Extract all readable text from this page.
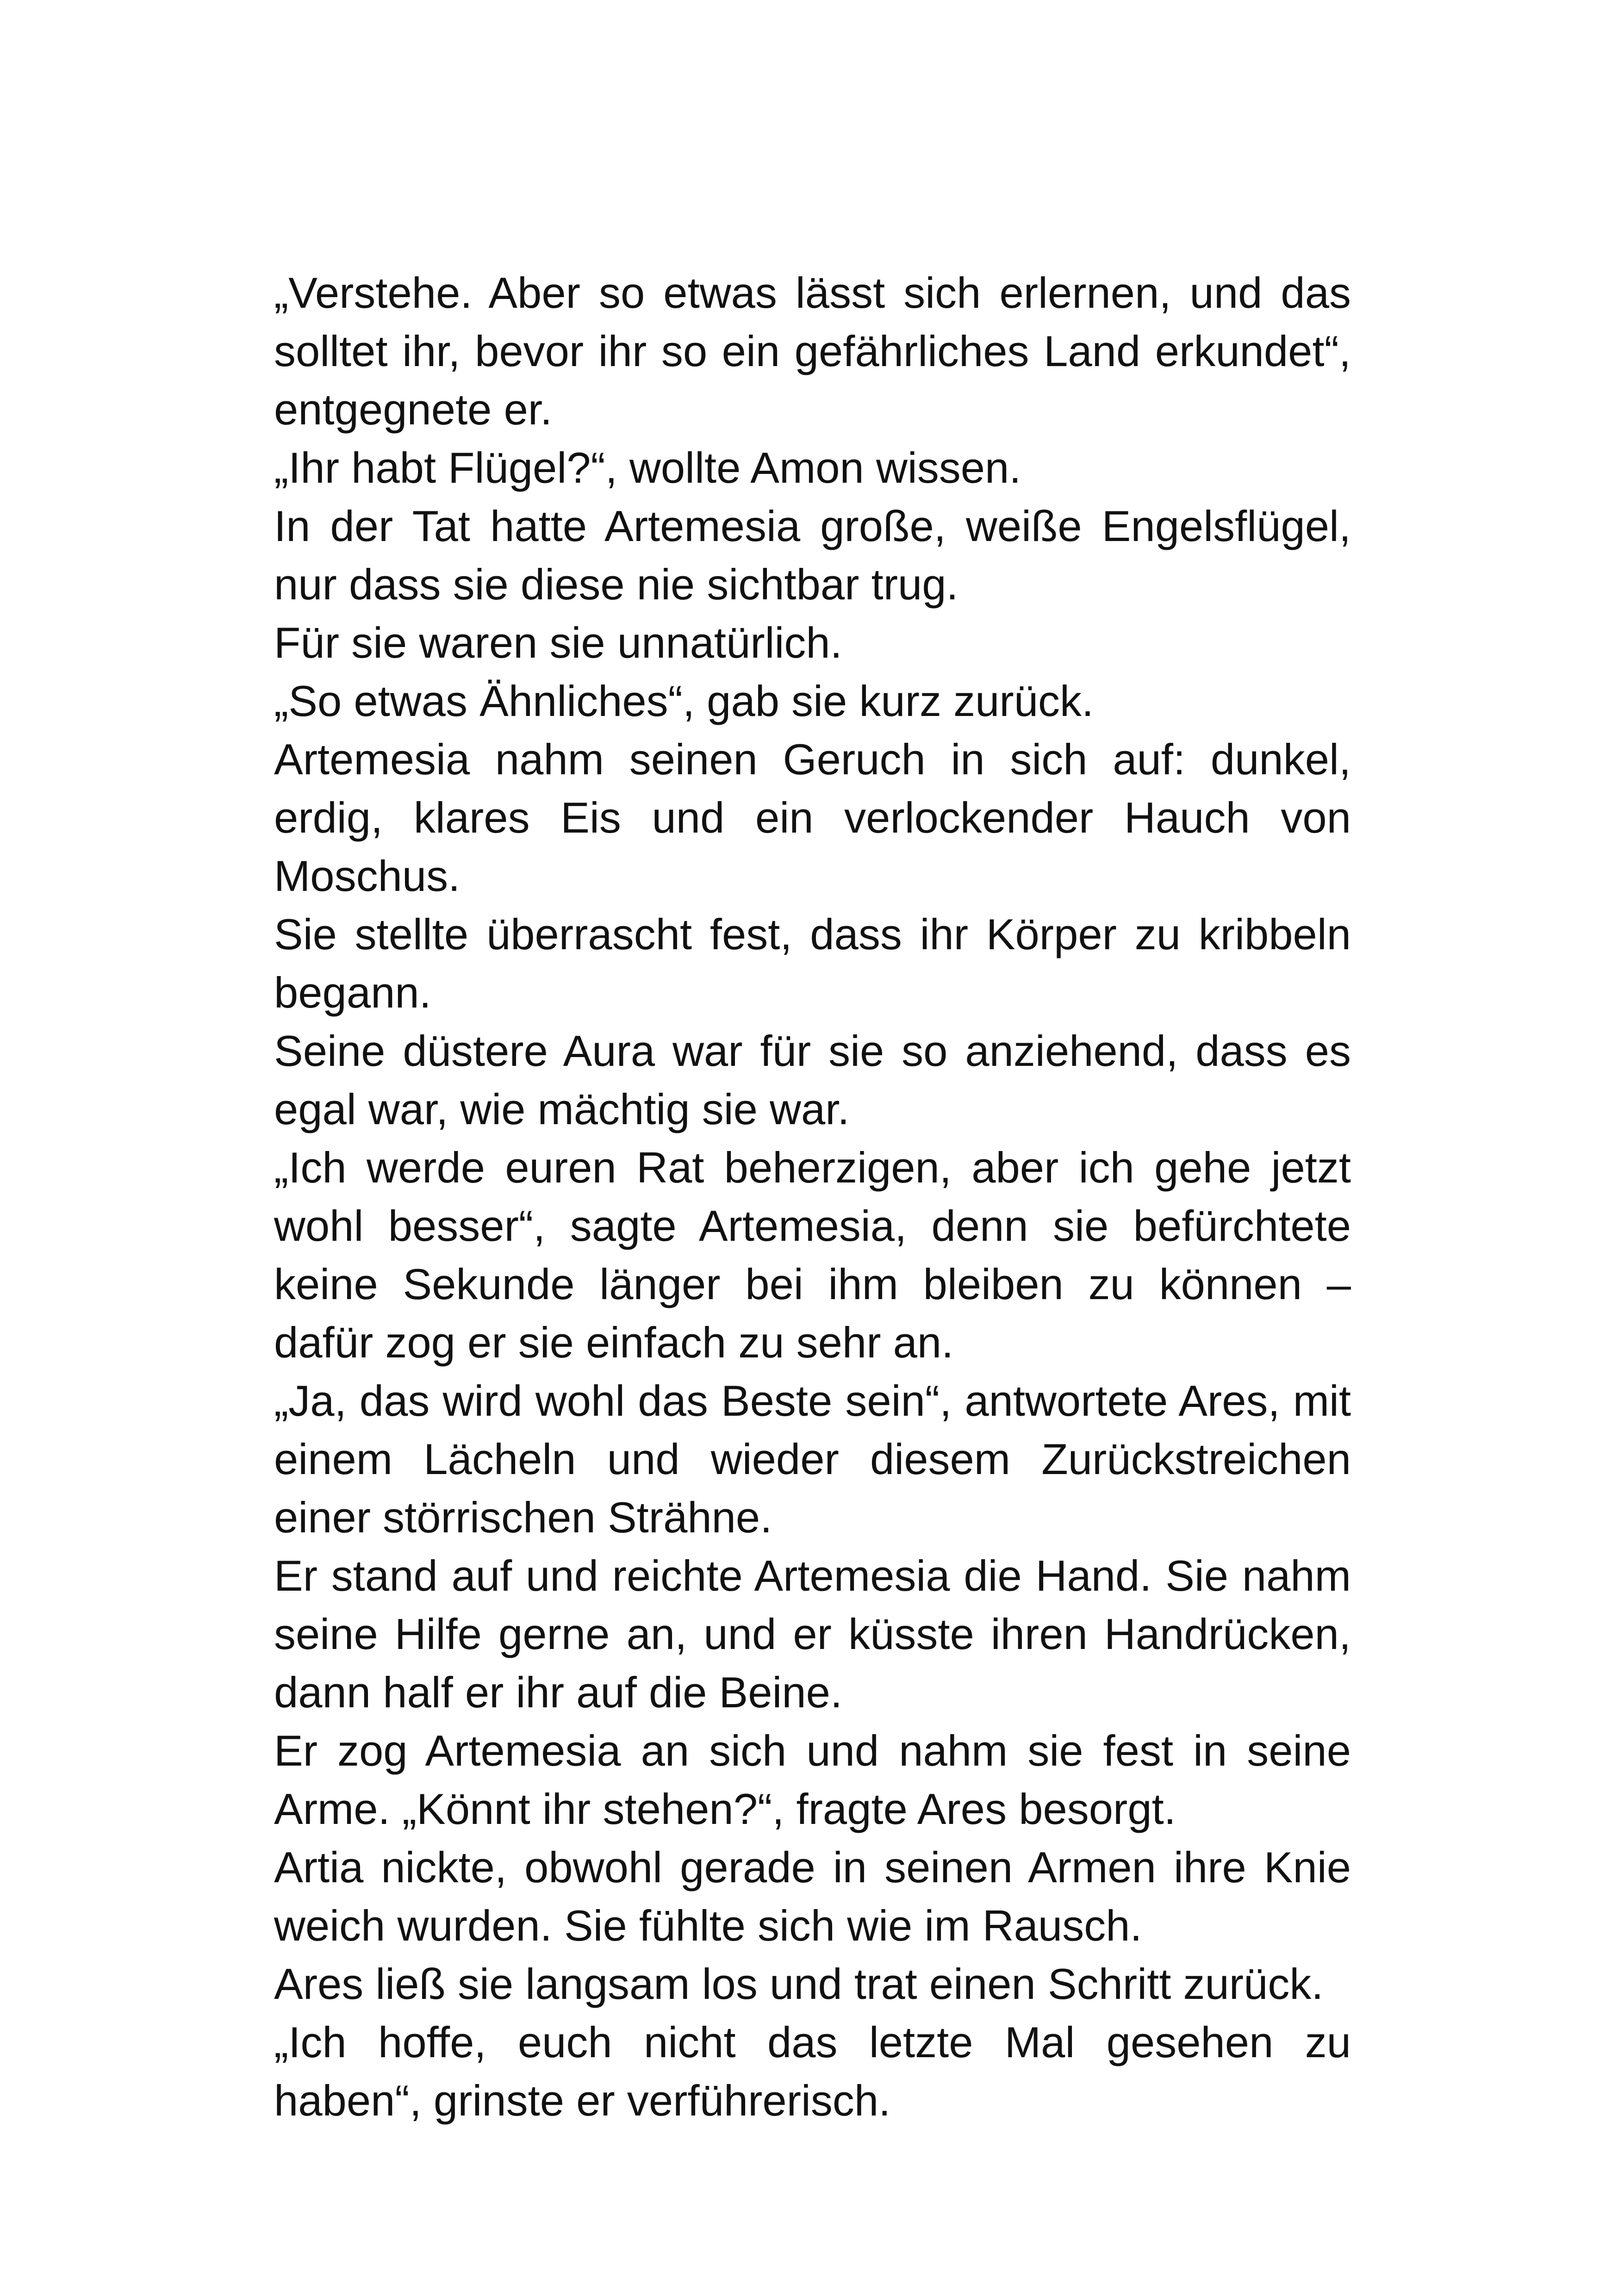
„Verstehe. Aber so etwas lässt sich erlernen, und das solltet ihr, bevor ihr so ein gefährliches Land erkundet“, entgegnete er.

„Ihr habt Flügel?“, wollte Amon wissen.

In der Tat hatte Artemesia große, weiße Engelsflügel, nur dass sie diese nie sichtbar trug.

Für sie waren sie unnatürlich.

„So etwas Ähnliches“, gab sie kurz zurück.

Artemesia nahm seinen Geruch in sich auf: dunkel, erdig, klares Eis und ein verlockender Hauch von Moschus.

Sie stellte überrascht fest, dass ihr Körper zu kribbeln begann.

Seine düstere Aura war für sie so anziehend, dass es egal war, wie mächtig sie war.

„Ich werde euren Rat beherzigen, aber ich gehe jetzt wohl besser“, sagte Artemesia, denn sie befürchtete keine Sekunde länger bei ihm bleiben zu können – dafür zog er sie einfach zu sehr an.

„Ja, das wird wohl das Beste sein“, antwortete Ares, mit einem Lächeln und wieder diesem Zurückstreichen einer störrischen Strähne.

Er stand auf und reichte Artemesia die Hand. Sie nahm seine Hilfe gerne an, und er küsste ihren Handrücken, dann half er ihr auf die Beine.

Er zog Artemesia an sich und nahm sie fest in seine Arme. „Könnt ihr stehen?“, fragte Ares besorgt.

Artia nickte, obwohl gerade in seinen Armen ihre Knie weich wurden. Sie fühlte sich wie im Rausch.

Ares ließ sie langsam los und trat einen Schritt zurück.

„Ich hoffe, euch nicht das letzte Mal gesehen zu haben“, grinste er verführerisch.
